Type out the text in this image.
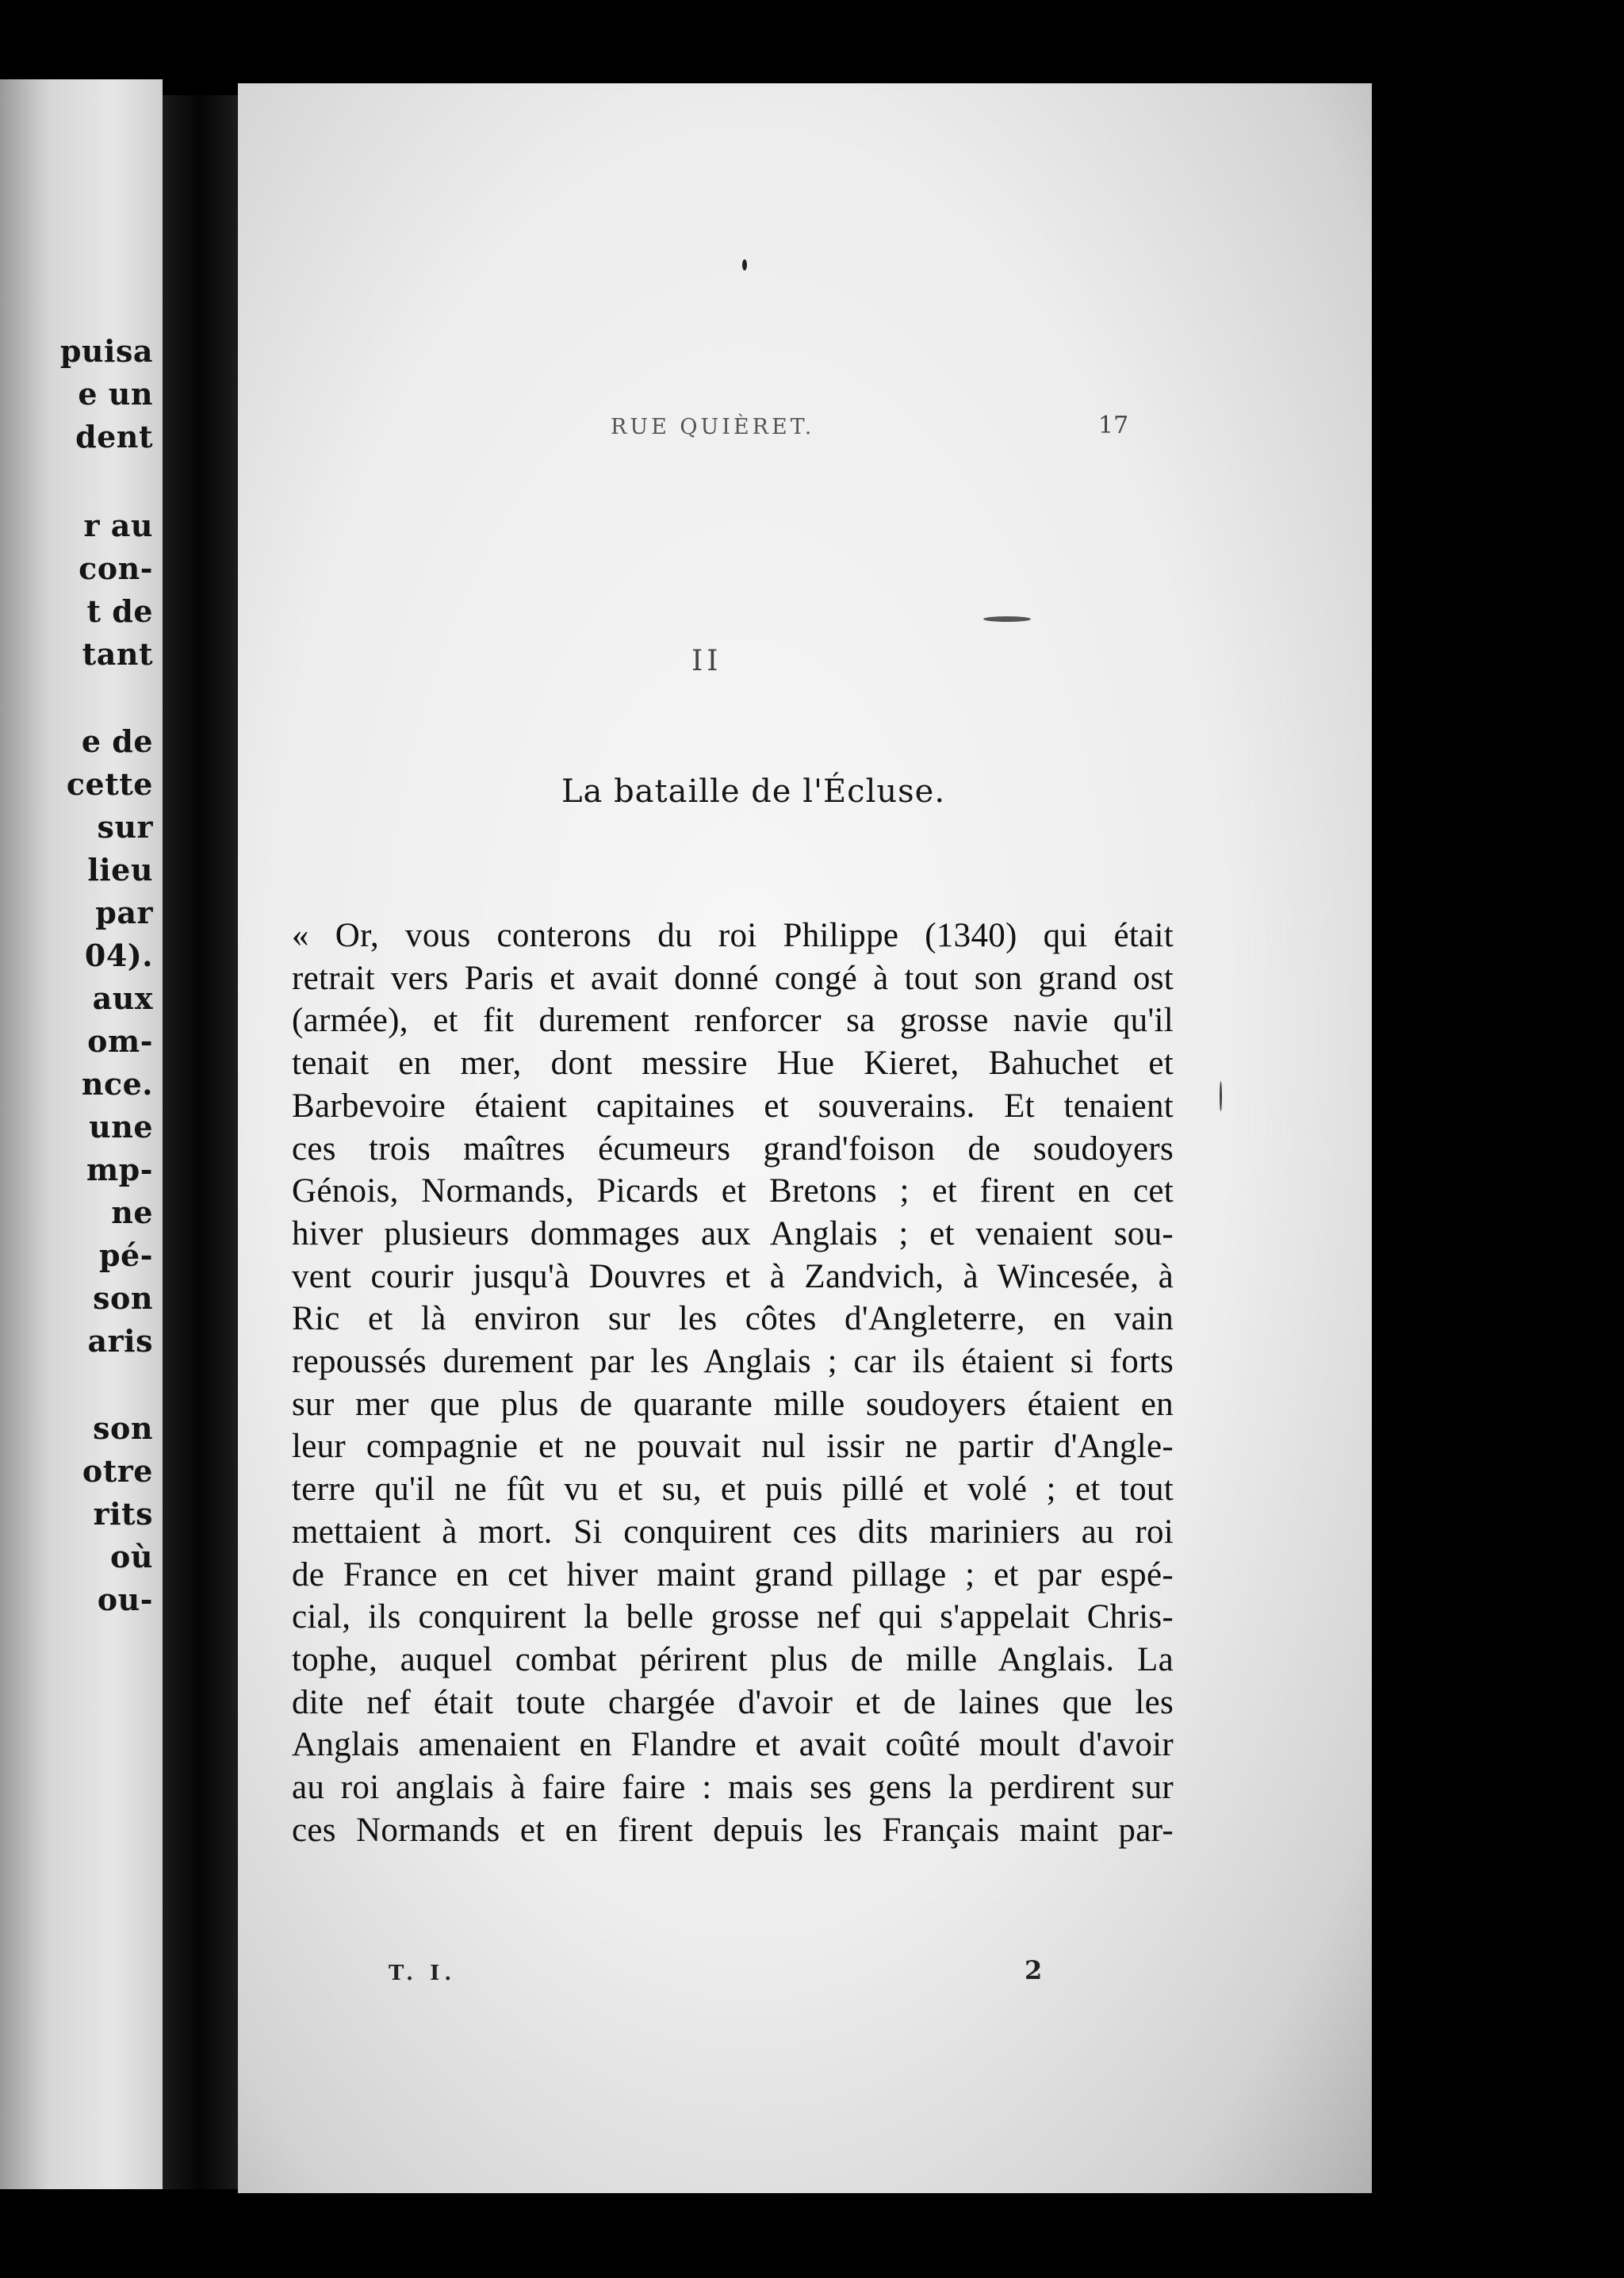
puisa
e un
dent
r au
con-
t de
tant
e de
cette
sur
lieu
par
04).
aux
om-
nce.
une
mp-
ne
pé-
son
aris
son
otre
rits
où
ou-
RUE QUIÈRET.	17
II
La bataille de l'Écluse.
« Or, vous conterons du roi Philippe (1340) qui était
retrait vers Paris et avait donné congé à tout son grand ost
(armée), et fit durement renforcer sa grosse navie qu'il
tenait en mer, dont messire Hue Kieret, Bahuchet et
Barbevoire étaient capitaines et souverains. Et tenaient
ces trois maîtres écumeurs grand'foison de soudoyers
Génois, Normands, Picards et Bretons ; et firent en cet
hiver plusieurs dommages aux Anglais ; et venaient sou-
vent courir jusqu'à Douvres et à Zandvich, à Wincesée, à
Ric et là environ sur les côtes d'Angleterre, en vain
repoussés durement par les Anglais ; car ils étaient si forts
sur mer que plus de quarante mille soudoyers étaient en
leur compagnie et ne pouvait nul issir ne partir d'Angle-
terre qu'il ne fût vu et su, et puis pillé et volé ; et tout
mettaient à mort. Si conquirent ces dits mariniers au roi
de France en cet hiver maint grand pillage ; et par espé-
cial, ils conquirent la belle grosse nef qui s'appelait Chris-
tophe, auquel combat périrent plus de mille Anglais. La
dite nef était toute chargée d'avoir et de laines que les
Anglais amenaient en Flandre et avait coûté moult d'avoir
au roi anglais à faire faire : mais ses gens la perdirent sur
ces Normands et en firent depuis les Français maint par-
T. I.	2
